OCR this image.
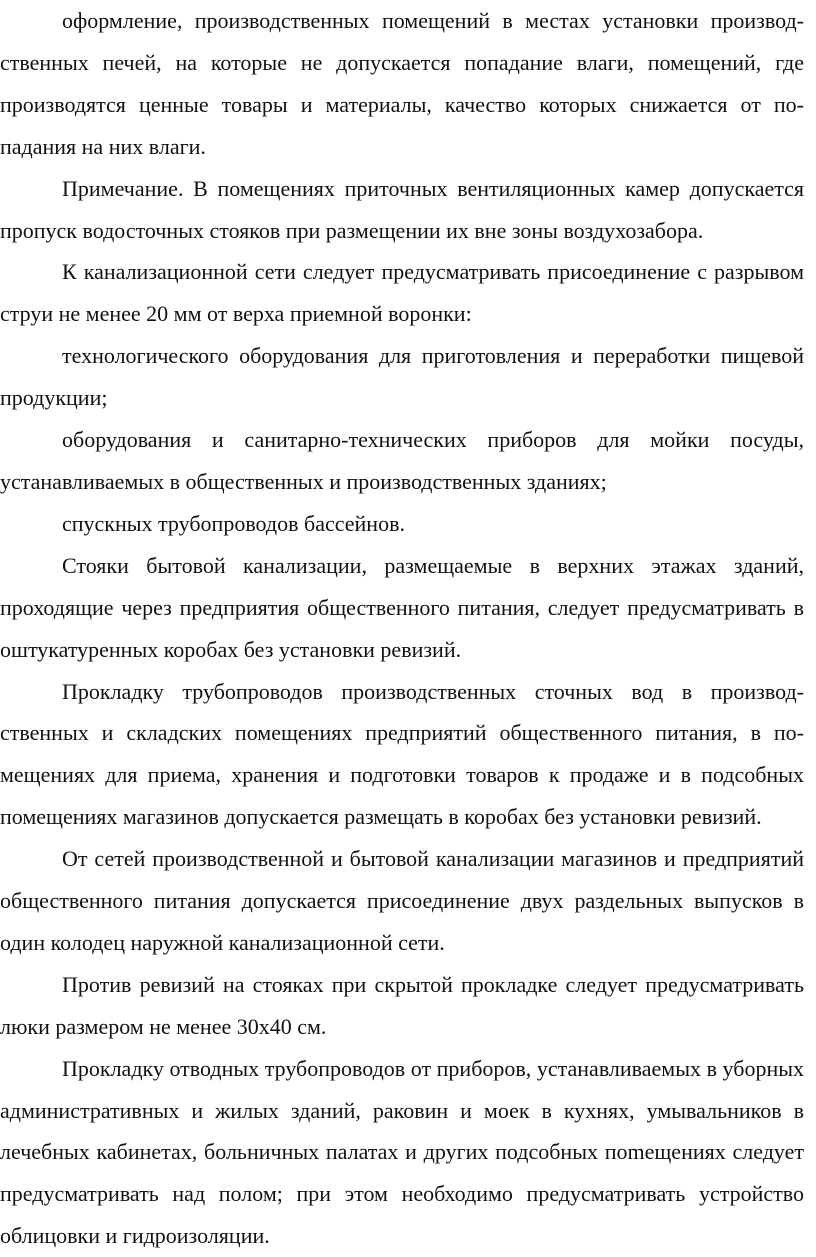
оформление, производственных помещений в местах установки производственных печей, на которые не допускается попадание влаги, помещений, где производятся ценные товары и материалы, качество которых снижается от попадания на них влаги.

Примечание. В помещениях приточных вентиляционных камер допускается пропуск водосточных стояков при размещении их вне зоны воздухозабора.

К канализационной сети следует предусматривать присоединение с разрывом струи не менее 20 мм от верха приемной воронки:

технологического оборудования для приготовления и переработки пищевой продукции;

оборудования и санитарно-технических приборов для мойки посуды, устанавливаемых в общественных и производственных зданиях;

спускных трубопроводов бассейнов.

Стояки бытовой канализации, размещаемые в верхних этажах зданий, проходящие через предприятия общественного питания, следует предусматривать в оштукатуренных коробах без установки ревизий.

Прокладку трубопроводов производственных сточных вод в производственных и складских помещениях предприятий общественного питания, в помещениях для приема, хранения и подготовки товаров к продаже и в подсобных помещениях магазинов допускается размещать в коробах без установки ревизий.

От сетей производственной и бытовой канализации магазинов и предприятий общественного питания допускается присоединение двух раздельных выпусков в один колодец наружной канализационной сети.

Против ревизий на стояках при скрытой прокладке следует предусматривать люки размером не менее 30х40 см.

Прокладку отводных трубопроводов от приборов, устанавливаемых в уборных административных и жилых зданий, раковин и моек в кухнях, умывальников в лечебных кабинетах, больничных палатах и других подсобных поmещениях следует предусматривать над полом; при этом необходимо предусматривать устройство облицовки и гидроизоляции.
